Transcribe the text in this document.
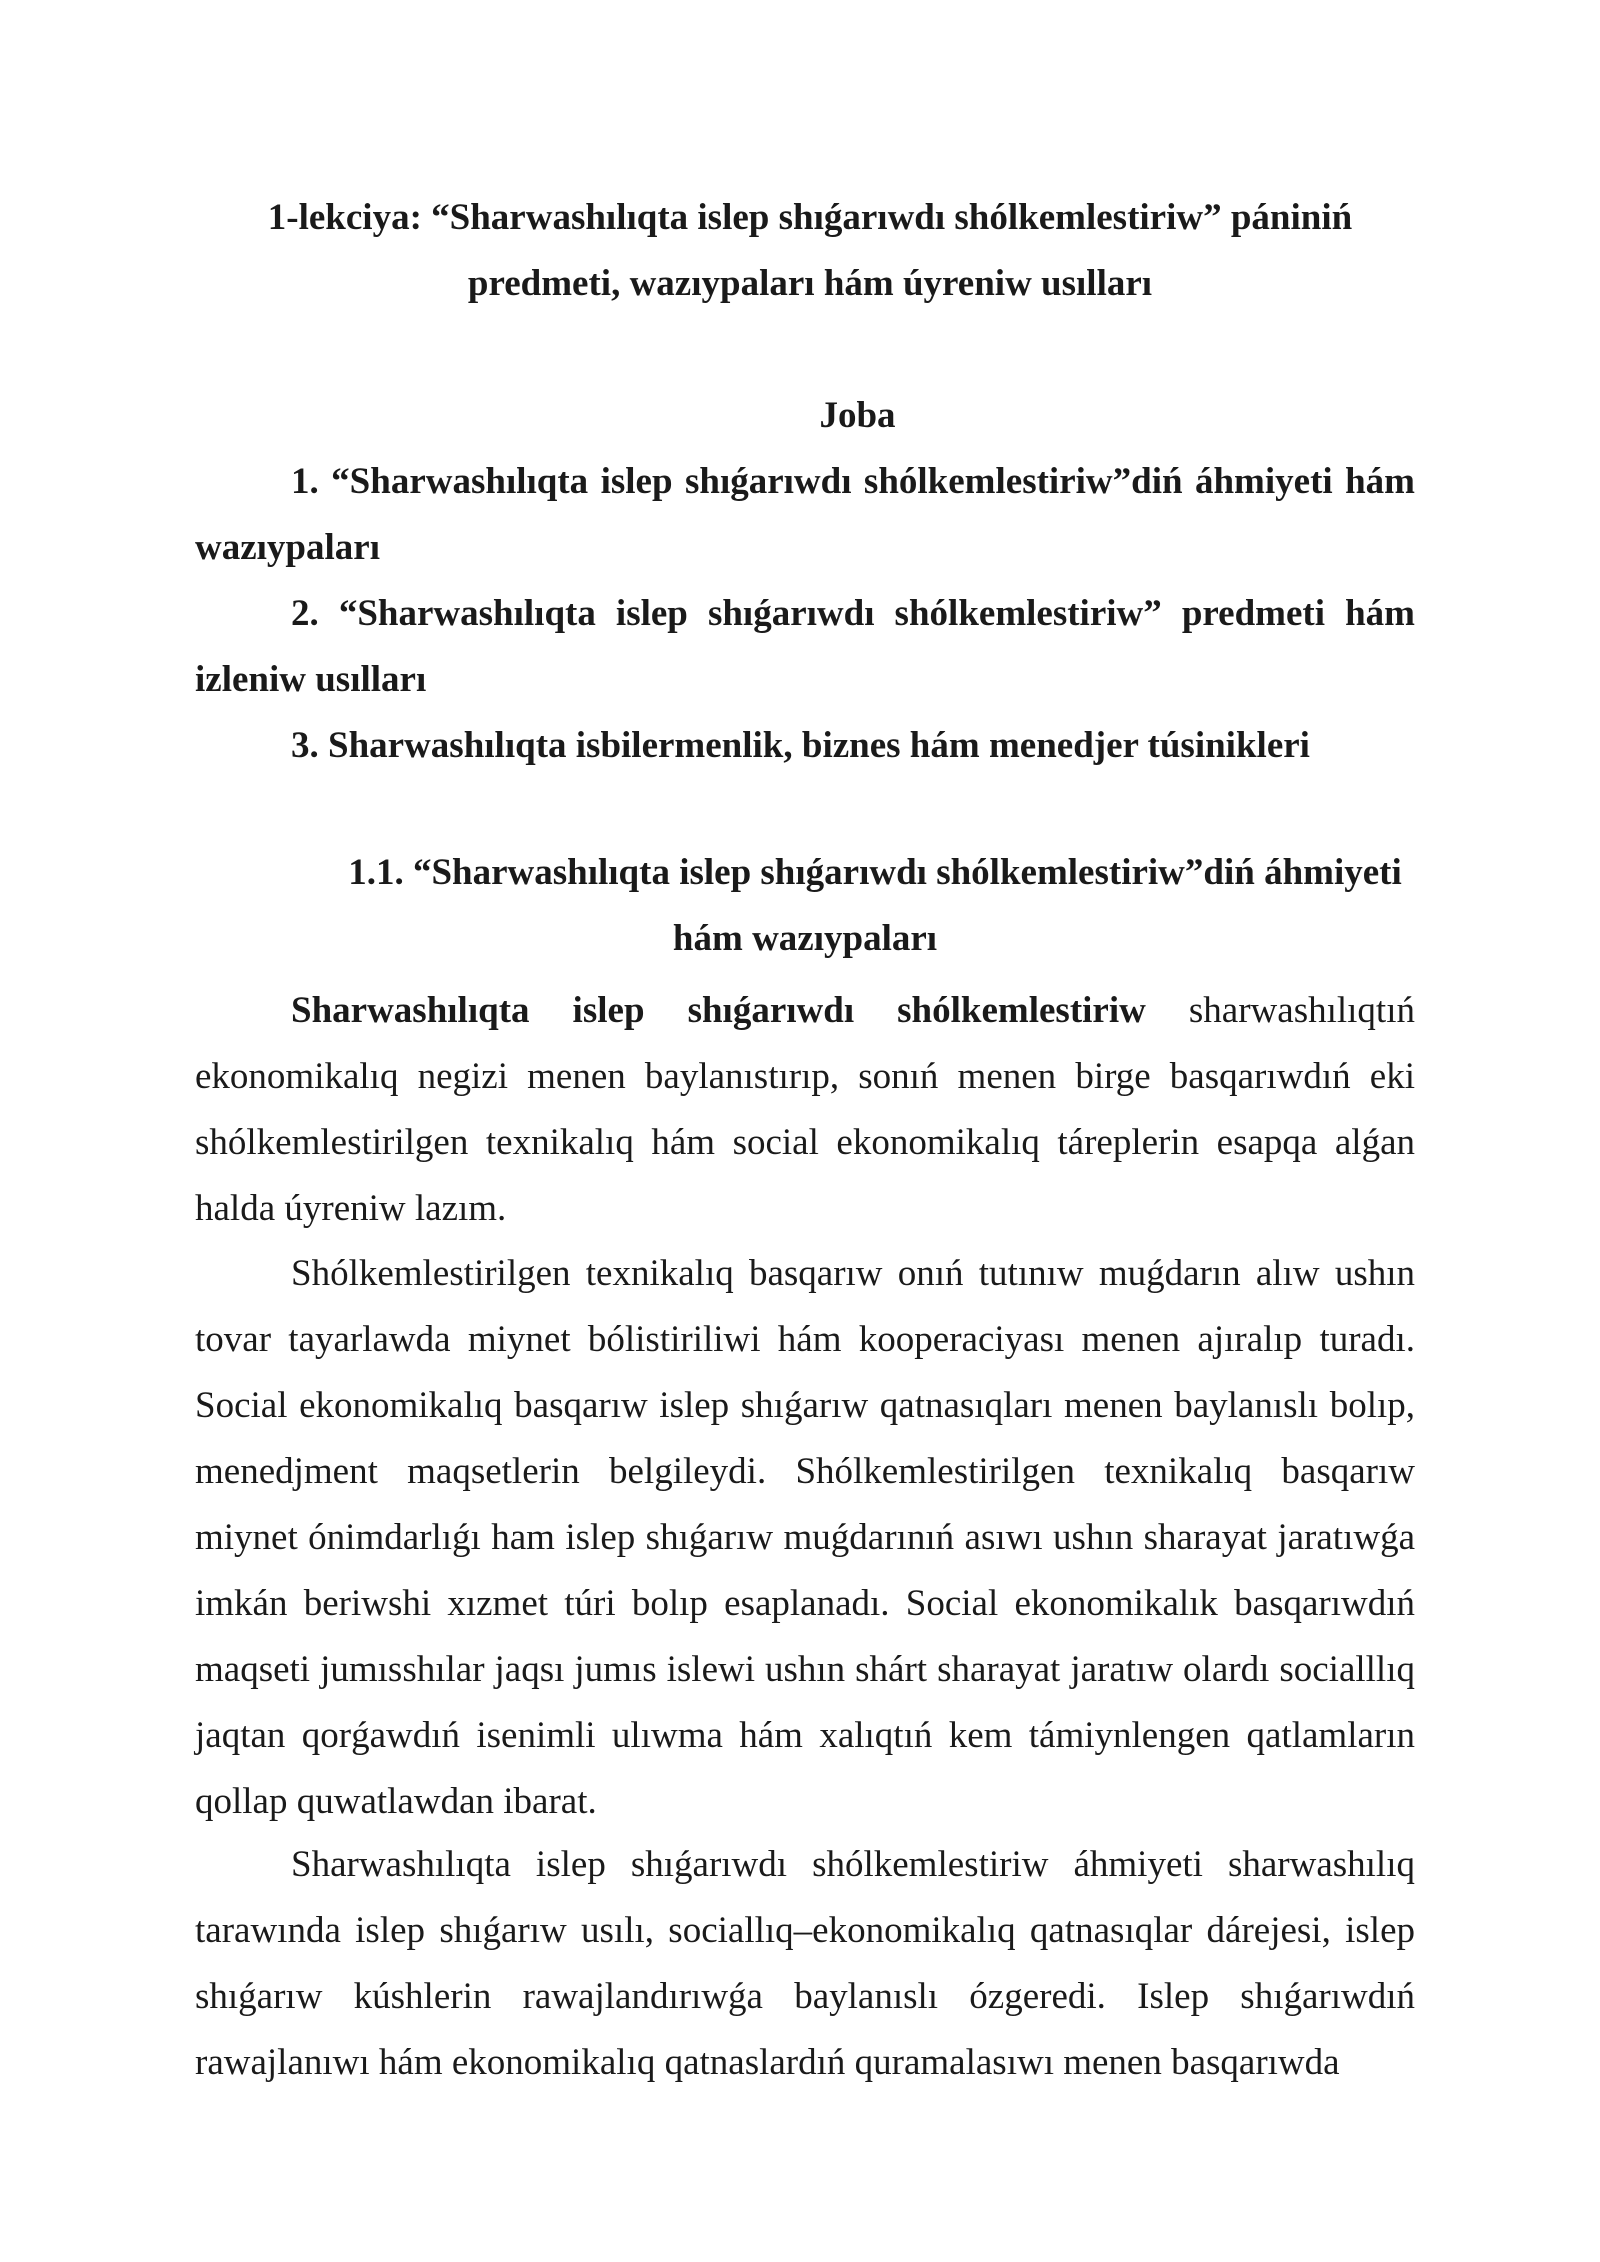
1-lekciya: “Sharwashılıqta islep shıǵarıwdı shólkemlestiriw” pániniń
predmeti, wazıypaları hám úyreniw usılları
Joba

1. “Sharwashılıqta islep shıǵarıwdı shólkemlestiriw”diń áhmiyeti hám wazıypaları

2. “Sharwashılıqta islep shıǵarıwdı shólkemlestiriw” predmeti hám izleniw usılları

3. Sharwashılıqta isbilermenlik, biznes hám menedjer túsinikleri

1.1. “Sharwashılıqta islep shıǵarıwdı shólkemlestiriw”diń áhmiyeti
hám wazıypaları

Sharwashılıqta islep shıǵarıwdı shólkemlestiriw sharwashılıqtıń ekonomikalıq negizi menen baylanıstırıp, sonıń menen birge basqarıwdıń eki shólkemlestirilgen texnikalıq hám social ekonomikalıq táreplerin esapqa alǵan halda úyreniw lazım.

Shólkemlestirilgen texnikalıq basqarıw onıń tutınıw muǵdarın alıw ushın tovar tayarlawda miynet bólistiriliwi hám kooperaciyası menen ajıralıp turadı. Social ekonomikalıq basqarıw islep shıǵarıw qatnasıqları menen baylanıslı bolıp, menedjment maqsetlerin belgileydi. Shólkemlestirilgen texnikalıq basqarıw miynet ónimdarlıǵı ham islep shıǵarıw muǵdarınıń asıwı ushın sharayat jaratıwǵa imkán beriwshi xızmet túri bolıp esaplanadı. Social ekonomikalık basqarıwdıń maqseti jumısshılar jaqsı jumıs islewi ushın shárt sharayat jaratıw olardı socialllıq jaqtan qorǵawdıń isenimli ulıwma hám xalıqtıń kem támiynlengen qatlamların qollap quwatlawdan ibarat.

Sharwashılıqta islep shıǵarıwdı shólkemlestiriw áhmiyeti sharwashılıq tarawında islep shıǵarıw usılı, sociallıq–ekonomikalıq qatnasıqlar dárejesi, islep shıǵarıw kúshlerin rawajlandırıwǵa baylanıslı ózgeredi. Islep shıǵarıwdıń rawajlanıwı hám ekonomikalıq qatnaslardıń quramalasıwı menen basqarıwda
